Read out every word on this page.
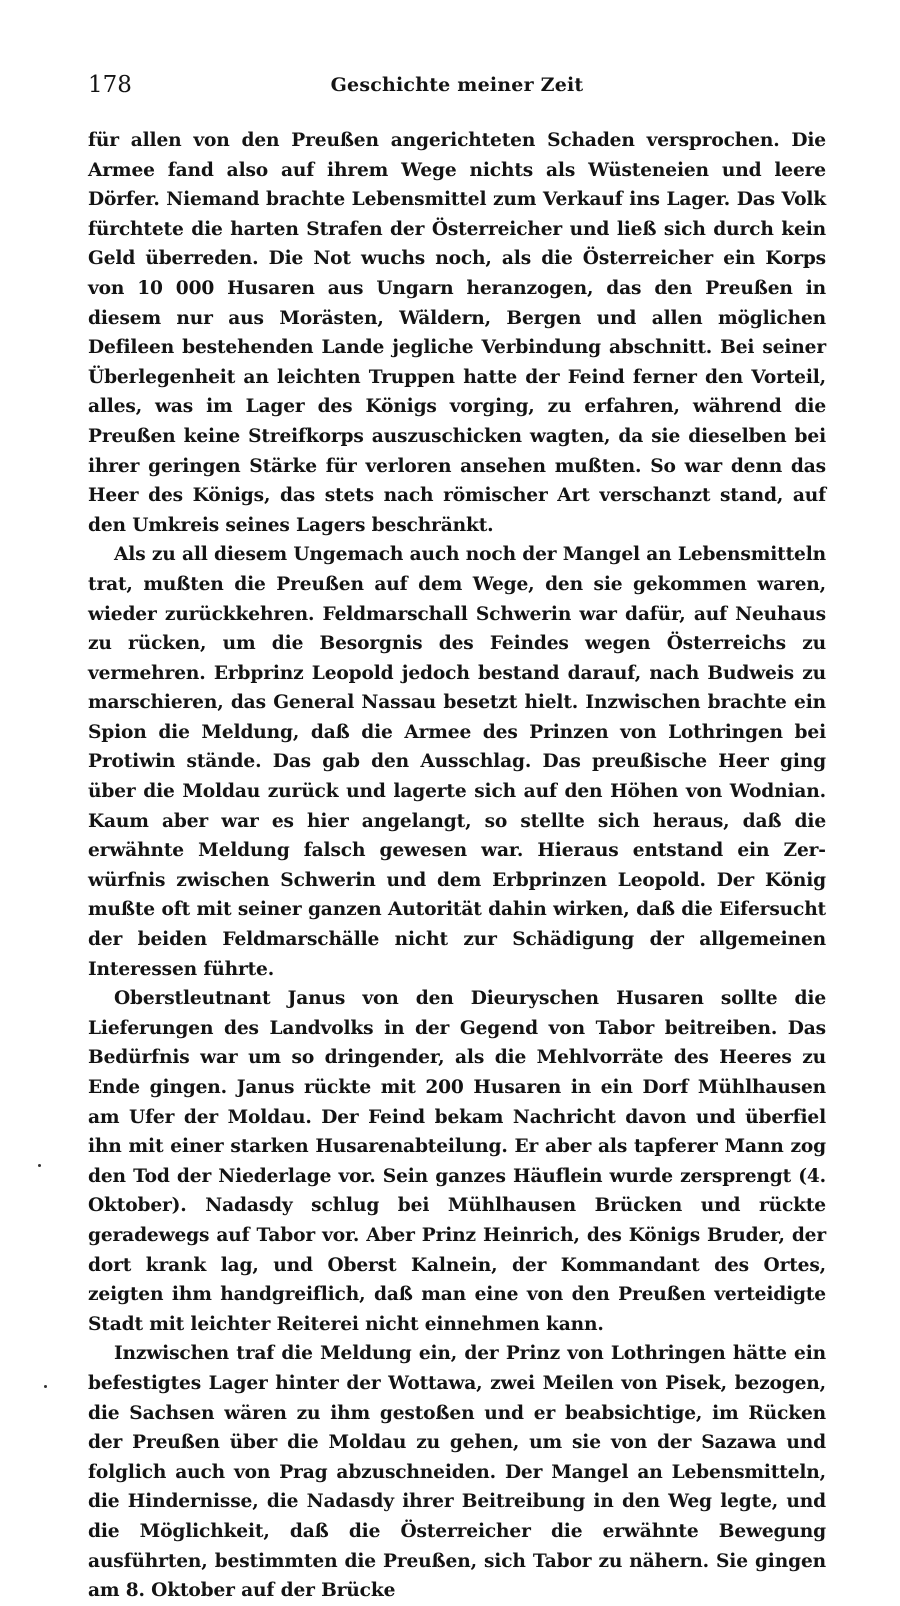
178	Geschichte meiner Zeit

für allen von den Preußen angerichteten Schaden versprochen. Die Armee fand also auf ihrem Wege nichts als Wüsteneien und leere Dörfer. Niemand brachte Lebensmittel zum Verkauf ins Lager. Das Volk fürchtete die harten Strafen der Österreicher und ließ sich durch kein Geld überreden. Die Not wuchs noch, als die Österreicher ein Korps von 10 000 Husaren aus Ungarn heranzogen, das den Preußen in diesem nur aus Morästen, Wäldern, Bergen und allen möglichen Defileen bestehenden Lande jegliche Verbindung abschnitt. Bei seiner Überlegenheit an leichten Truppen hatte der Feind ferner den Vorteil, alles, was im Lager des Königs vorging, zu erfahren, während die Preußen keine Streifkorps auszuschicken wagten, da sie dieselben bei ihrer geringen Stärke für verloren ansehen mußten. So war denn das Heer des Königs, das stets nach römischer Art verschanzt stand, auf den Umkreis seines Lagers beschränkt.

Als zu all diesem Ungemach auch noch der Mangel an Lebensmitteln trat, mußten die Preußen auf dem Wege, den sie gekommen waren, wieder zurückkehren. Feldmarschall Schwerin war dafür, auf Neuhaus zu rücken, um die Besorgnis des Feindes wegen Österreichs zu vermehren. Erbprinz Leopold jedoch bestand darauf, nach Budweis zu marschieren, das General Nassau besetzt hielt. Inzwischen brachte ein Spion die Meldung, daß die Armee des Prinzen von Lothringen bei Protiwin stände. Das gab den Ausschlag. Das preußische Heer ging über die Moldau zurück und lagerte sich auf den Höhen von Wodnian. Kaum aber war es hier angelangt, so stellte sich heraus, daß die erwähnte Meldung falsch gewesen war. Hieraus entstand ein Zerwürfnis zwischen Schwerin und dem Erbprinzen Leopold. Der König mußte oft mit seiner ganzen Autorität dahin wirken, daß die Eifersucht der beiden Feldmarschälle nicht zur Schädigung der allgemeinen Interessen führte.

Oberstleutnant Janus von den Dieuryschen Husaren sollte die Lieferungen des Landvolks in der Gegend von Tabor beitreiben. Das Bedürfnis war um so dringender, als die Mehlvorräte des Heeres zu Ende gingen. Janus rückte mit 200 Husaren in ein Dorf Mühlhausen am Ufer der Moldau. Der Feind bekam Nachricht davon und überfiel ihn mit einer starken Husarenabteilung. Er aber als tapferer Mann zog den Tod der Niederlage vor. Sein ganzes Häuflein wurde zersprengt (4. Oktober). Nadasdy schlug bei Mühlhausen Brücken und rückte geradewegs auf Tabor vor. Aber Prinz Heinrich, des Königs Bruder, der dort krank lag, und Oberst Kalnein, der Kommandant des Ortes, zeigten ihm handgreiflich, daß man eine von den Preußen verteidigte Stadt mit leichter Reiterei nicht einnehmen kann.

Inzwischen traf die Meldung ein, der Prinz von Lothringen hätte ein befestigtes Lager hinter der Wottawa, zwei Meilen von Pisek, bezogen, die Sachsen wären zu ihm gestoßen und er beabsichtige, im Rücken der Preußen über die Moldau zu gehen, um sie von der Sazawa und folglich auch von Prag abzuschneiden. Der Mangel an Lebensmitteln, die Hindernisse, die Nadasdy ihrer Beitreibung in den Weg legte, und die Möglichkeit, daß die Österreicher die erwähnte Bewegung ausführten, bestimmten die Preußen, sich Tabor zu nähern. Sie gingen am 8. Oktober auf der Brücke
